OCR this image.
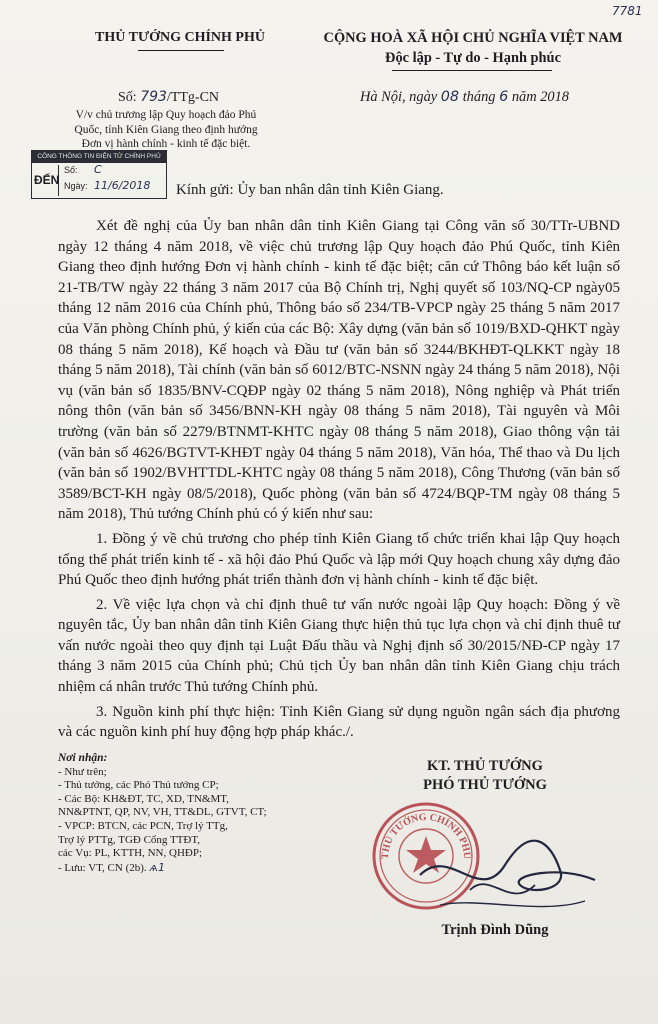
7781
THỦ TƯỚNG CHÍNH PHỦ	CỘNG HOÀ XÃ HỘI CHỦ NGHĨA VIỆT NAM
Độc lập - Tự do - Hạnh phúc
Số: 793/TTg-CN	Hà Nội, ngày 08 tháng 6 năm 2018
V/v chủ trương lập Quy hoạch đảo Phú
Quốc, tỉnh Kiên Giang theo định hướng
Đơn vị hành chính - kinh tế đặc biệt.
CÔNG THÔNG TIN ĐIỆN TỬ CHÍNH PHỦ
ĐẾN
Số: C
Ngày: 11/6/2018 Kính gửi: Ủy ban nhân dân tỉnh Kiên Giang.

Xét đề nghị của Ủy ban nhân dân tỉnh Kiên Giang tại Công văn số 30/TTr-UBND ngày 12 tháng 4 năm 2018, về việc chủ trương lập Quy hoạch đảo Phú Quốc, tỉnh Kiên Giang theo định hướng Đơn vị hành chính - kinh tế đặc biệt; căn cứ Thông báo kết luận số 21-TB/TW ngày 22 tháng 3 năm 2017 của Bộ Chính trị, Nghị quyết số 103/NQ-CP ngày05 tháng 12 năm 2016 của Chính phủ, Thông báo số 234/TB-VPCP ngày 25 tháng 5 năm 2017 của Văn phòng Chính phủ, ý kiến của các Bộ: Xây dựng (văn bản số 1019/BXD-QHKT ngày 08 tháng 5 năm 2018), Kế hoạch và Đầu tư (văn bản số 3244/BKHĐT-QLKKT ngày 18 tháng 5 năm 2018), Tài chính (văn bản số 6012/BTC-NSNN ngày 24 tháng 5 năm 2018), Nội vụ (văn bản số 1835/BNV-CQĐP ngày 02 tháng 5 năm 2018), Nông nghiệp và Phát triển nông thôn (văn bản số 3456/BNN-KH ngày 08 tháng 5 năm 2018), Tài nguyên và Môi trường (văn bản số 2279/BTNMT-KHTC ngày 08 tháng 5 năm 2018), Giao thông vận tải (văn bản số 4626/BGTVT-KHĐT ngày 04 tháng 5 năm 2018), Văn hóa, Thể thao và Du lịch (văn bản số 1902/BVHTTDL-KHTC ngày 08 tháng 5 năm 2018), Công Thương (văn bản số 3589/BCT-KH ngày 08/5/2018), Quốc phòng (văn bản số 4724/BQP-TM ngày 08 tháng 5 năm 2018), Thủ tướng Chính phủ có ý kiến như sau:

1. Đồng ý về chủ trương cho phép tỉnh Kiên Giang tổ chức triển khai lập Quy hoạch tổng thể phát triển kinh tế - xã hội đảo Phú Quốc và lập mới Quy hoạch chung xây dựng đảo Phú Quốc theo định hướng phát triển thành đơn vị hành chính - kinh tế đặc biệt.

2. Về việc lựa chọn và chỉ định thuê tư vấn nước ngoài lập Quy hoạch: Đồng ý về nguyên tắc, Ủy ban nhân dân tỉnh Kiên Giang thực hiện thủ tục lựa chọn và chỉ định thuê tư vấn nước ngoài theo quy định tại Luật Đấu thầu và Nghị định số 30/2015/NĐ-CP ngày 17 tháng 3 năm 2015 của Chính phủ; Chủ tịch Ủy ban nhân dân tỉnh Kiên Giang chịu trách nhiệm cá nhân trước Thủ tướng Chính phủ.

3. Nguồn kinh phí thực hiện: Tỉnh Kiên Giang sử dụng nguồn ngân sách địa phương và các nguồn kinh phí huy động hợp pháp khác./.

Nơi nhận:
- Như trên;
- Thủ tướng, các Phó Thủ tướng CP;
- Các Bộ: KH&ĐT, TC, XD, TN&MT,
NN&PTNT, QP, NV, VH, TT&DL, GTVT, CT;
- VPCP: BTCN, các PCN, Trợ lý TTg,
Trợ lý PTTg, TGĐ Cổng TTĐT,
các Vụ: PL, KTTH, NN, QHĐP;
- Lưu: VT, CN (2b). ѧ1
KT. THỦ TƯỚNG
PHÓ THỦ TƯỚNG
THỦ TƯỚNG CHÍNH PHỦ
Trịnh Đình Dũng
